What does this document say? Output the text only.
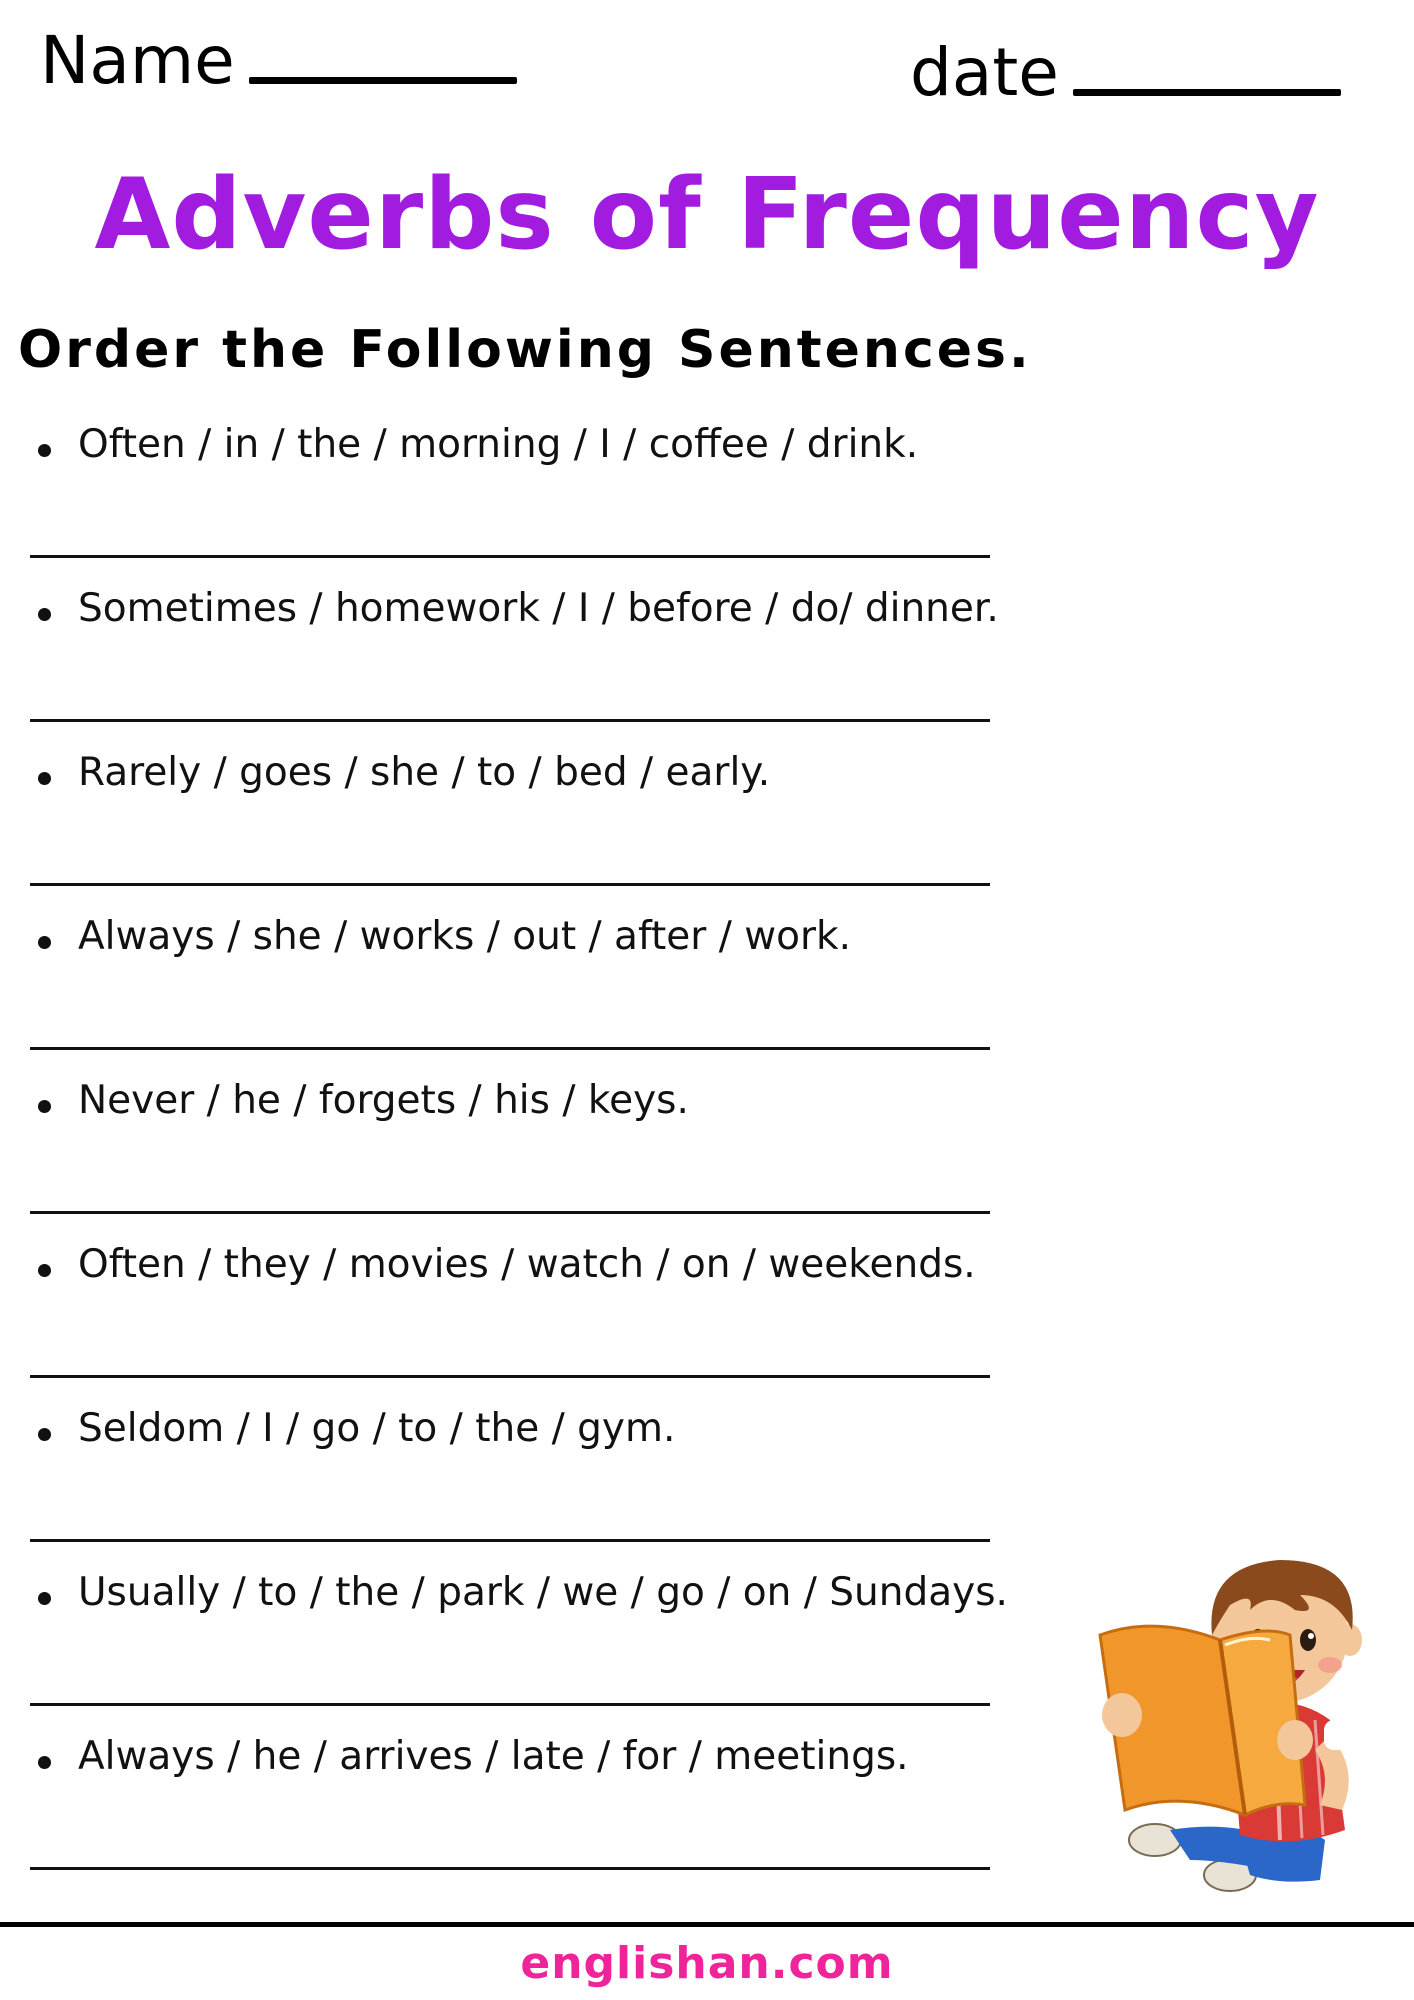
Name	date
Adverbs of Frequency
Order the Following Sentences.
Often / in / the / morning / I / coffee / drink.
Sometimes / homework / I / before / do/ dinner.
Rarely / goes / she / to / bed / early.
Always / she / works / out / after / work.
Never / he / forgets / his / keys.
Often / they / movies / watch / on / weekends.
Seldom / I / go / to / the / gym.
Usually / to / the / park / we / go / on / Sundays.
Always / he / arrives / late / for / meetings.
englishan.com
